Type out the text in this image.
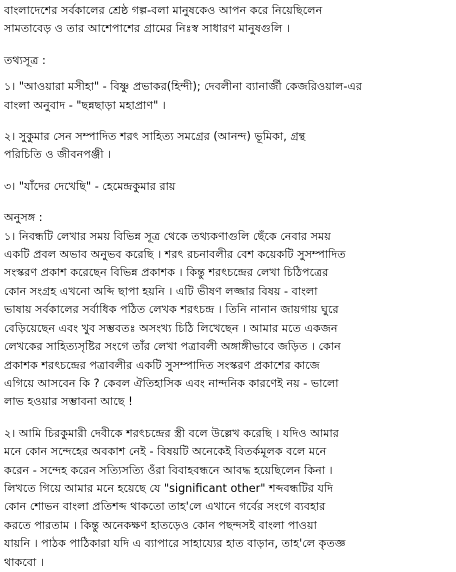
বাংলাদেশের সর্বকালের শ্রেষ্ঠ গল্প-বলা মানুষকেও আপন করে নিয়েছিলেন
সামতাবেড় ও তার আশেপাশের গ্রামের নিঃস্ব সাধারণ মানুষগুলি ।
তথ্যসূত্র :
১। "আওয়ারা মসীহা" - বিষ্ণু প্রভাকর(হিন্দী); দেবলীনা ব্যানার্জী কেজরিওয়াল-এর
বাংলা অনুবাদ - "ছন্নছাড়া মহাপ্রাণ" ।
২। সুকুমার সেন সম্পাদিত শরৎ সাহিত্য সমগ্রের (আনন্দ) ভূমিকা, গ্রন্থ
পরিচিতি ও জীবনপঞ্জী ।
৩। "যাঁদের দেখেছি" - হেমেন্দ্রকুমার রায়
অনুসঙ্গ :
১। নিবন্ধটি লেখার সময় বিভিন্ন সূত্র থেকে তথ্যকণাগুলি ছেঁকে নেবার সময়
একটি প্রবল অভাব অনুভব করেছি । শরৎ রচনাবলীর বেশ কয়েকটি সুসম্পাদিত
সংস্করণ প্রকাশ করেছেন বিভিন্ন প্রকাশক । কিন্তু শরৎচন্দ্রের লেখা চিঠিপত্রের
কোন সংগ্রহ এখনো অব্দি ছাপা হয়নি । এটি ভীষণ লজ্জার বিষয় - বাংলা
ভাষায় সর্বকালের সর্বাধিক পঠিত লেখক শরৎচন্দ্র । তিনি নানান জায়গায় ঘুরে
বেড়িয়েছেন এবং খুব সম্ভবতঃ অসংখ্য চিঠি লিখেছেন । আমার মতে একজন
লেখকের সাহিত্যসৃষ্টির সংগে তাঁর লেখা পত্রাবলী অঙ্গাঙ্গীভাবে জড়িত । কোন
প্রকাশক শরৎচন্দ্রের পত্রাবলীর একটি সুসম্পাদিত সংস্করণ প্রকাশের কাজে
এগিয়ে আসবেন কি ? কেবল ঐতিহাসিক এবং নান্দনিক কারণেই নয় - ভালো
লাভ হওয়ার সম্ভাবনা আছে !
২। আমি চিরকুমারী দেবীকে শরৎচন্দ্রের স্ত্রী বলে উল্লেখ করেছি । যদিও আমার
মনে কোন সন্দেহের অবকাশ নেই - বিষয়টি অনেকেই বিতর্কমূলক বলে মনে
করেন - সন্দেহ করেন সত্যিসত্যি ওঁরা বিবাহবন্ধনে আবদ্ধ হয়েছিলেন কিনা ।
লিখতে গিয়ে আমার মনে হয়েছে যে "significant other" শব্দবন্ধটির যদি
কোন শোভন বাংলা প্রতিশব্দ থাকতো তাহ'লে এখানে গর্বের সংগে ব্যবহার
করতে পারতাম । কিন্তু অনেকক্ষণ হাতড়েও কোন পছন্দসই বাংলা পাওয়া
যায়নি । পাঠক পাঠিকারা যদি এ ব্যাপারে সাহায্যের হাত বাড়ান, তাহ'লে কৃতজ্ঞ
থাকবো ।
